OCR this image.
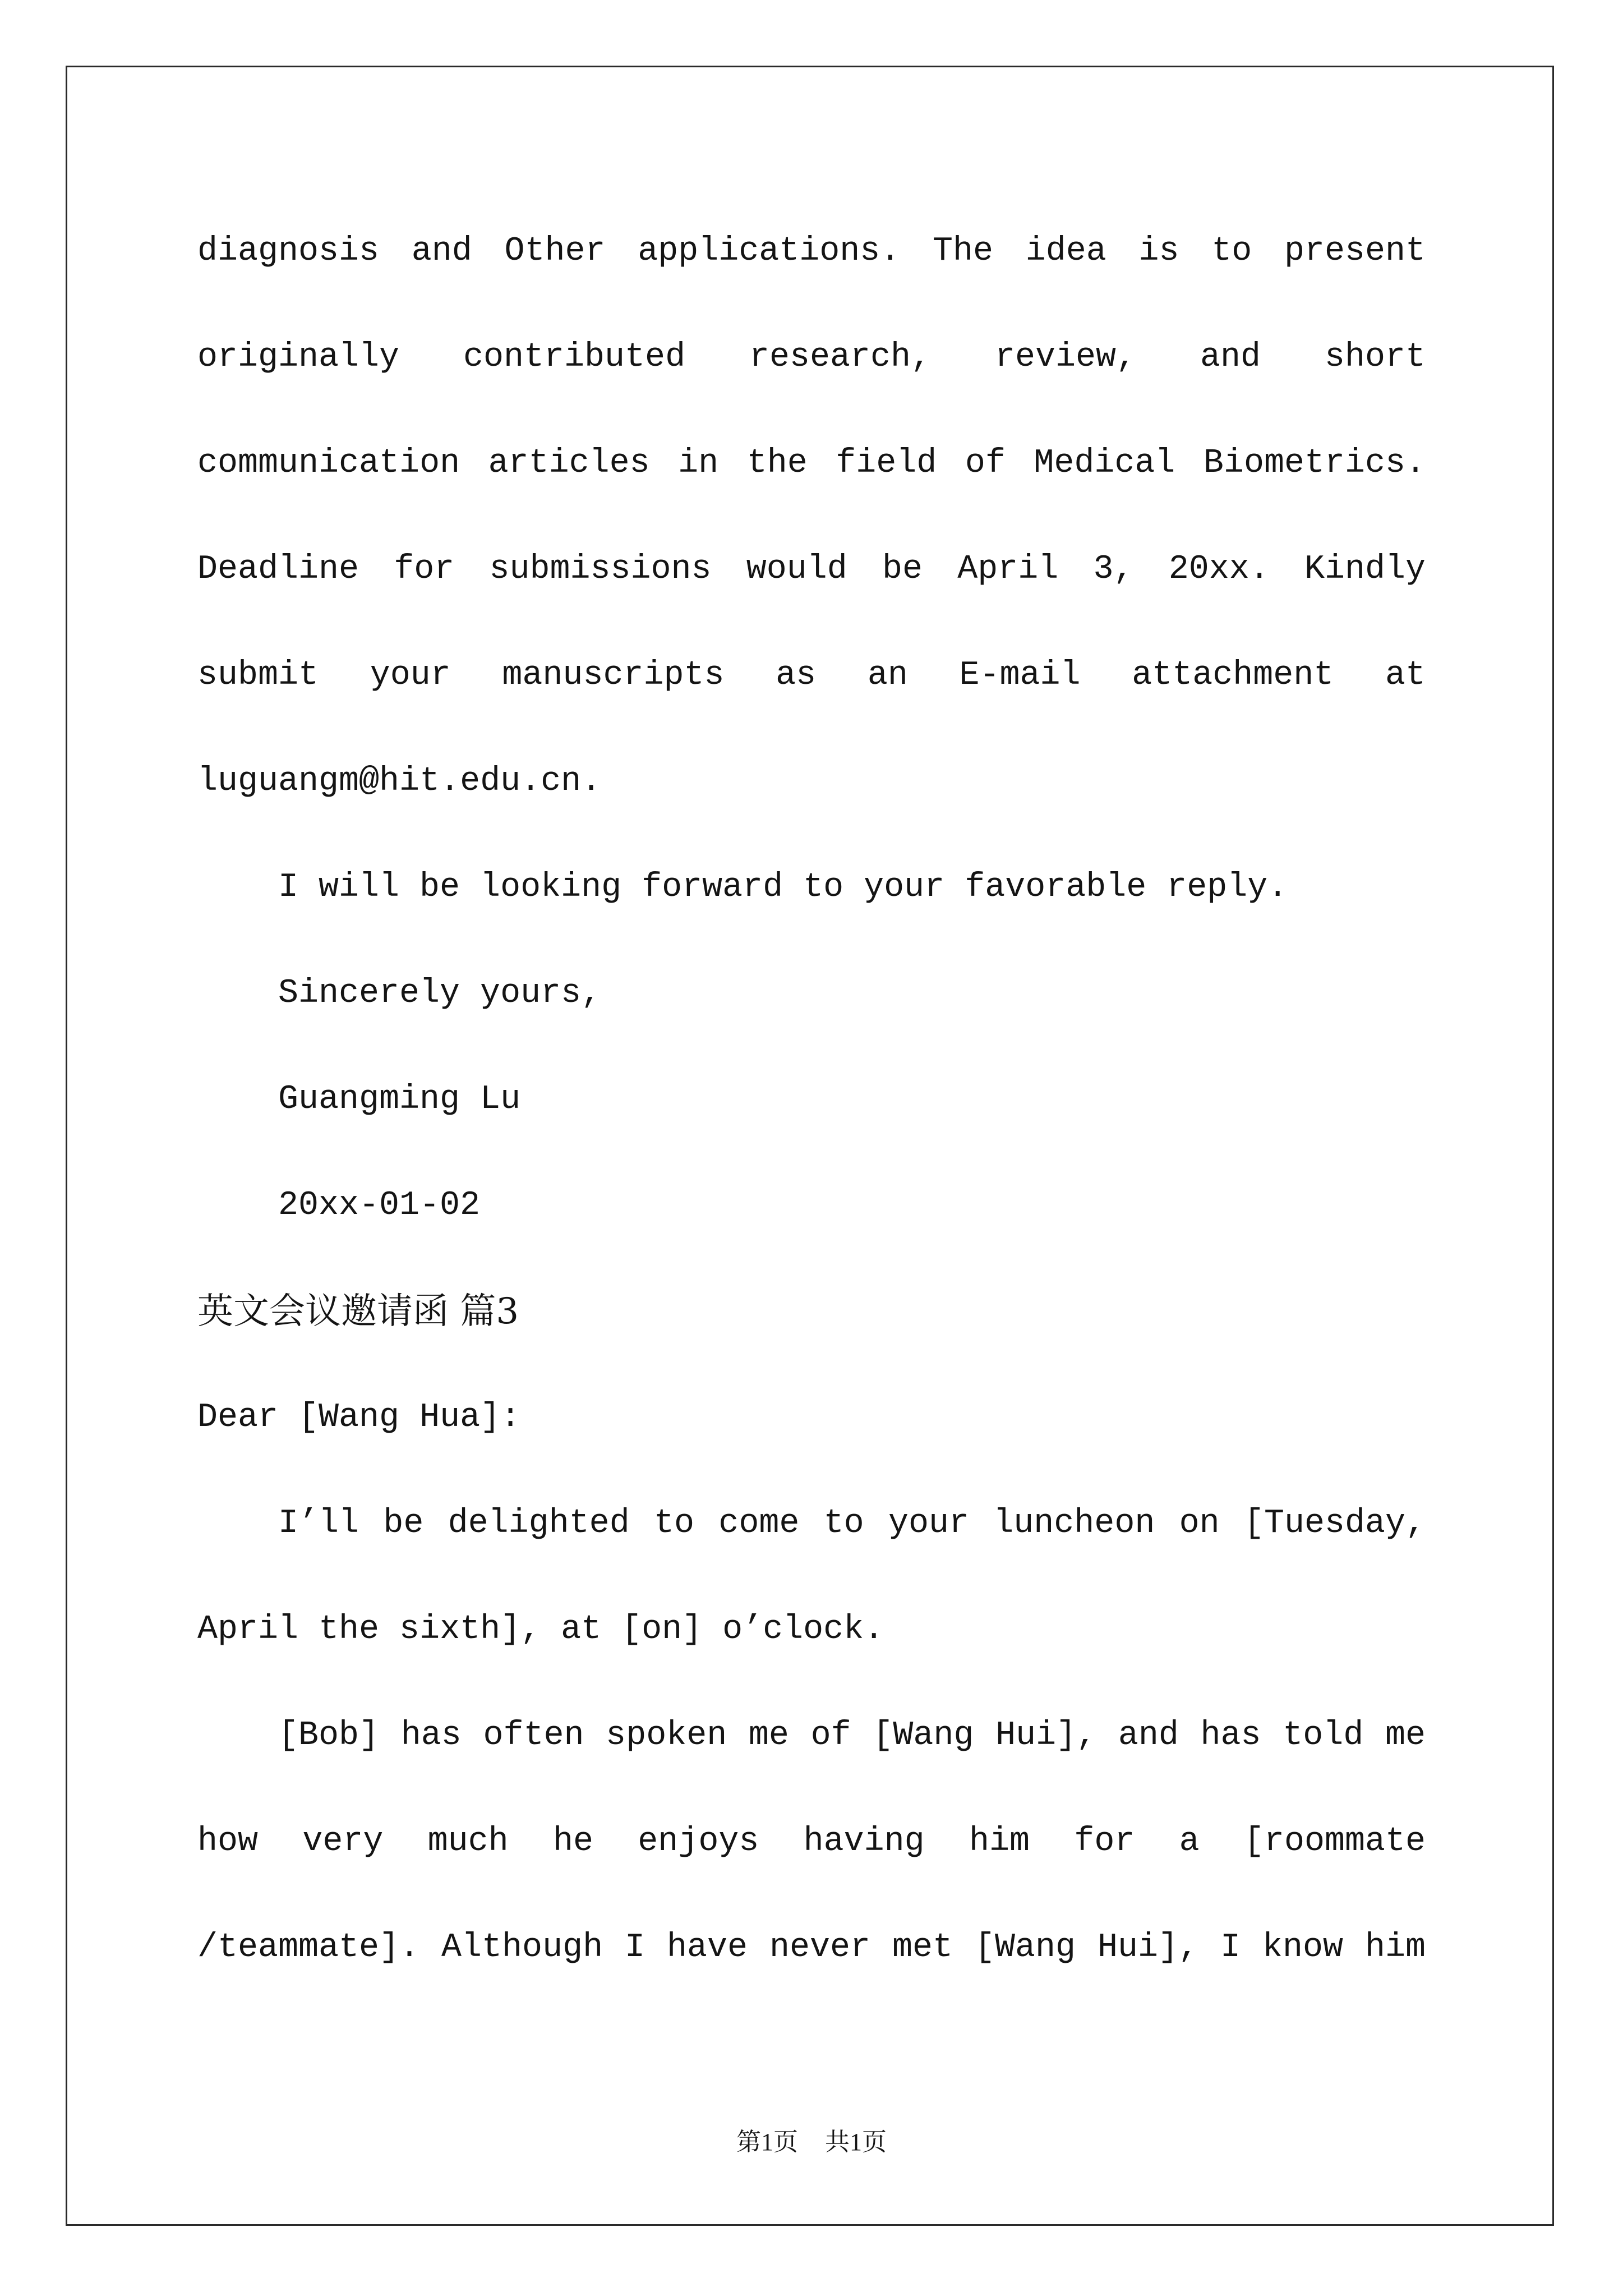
diagnosis and Other applications. The idea is to present
originally contributed research, review, and short
communication articles in the field of Medical Biometrics.
Deadline for submissions would be April 3, 20xx. Kindly
submit your manuscripts as an E-mail attachment at
luguangm@hit.edu.cn.
I will be looking forward to your favorable reply.
Sincerely yours,
Guangming Lu
20xx-01-02
英文会议邀请函 篇3
Dear [Wang Hua]:
I’ll be delighted to come to your luncheon on [Tuesday,
April the sixth], at [on] o’clock.
[Bob] has often spoken me of [Wang Hui], and has told me
how very much he enjoys having him for a [roommate
/teammate]. Although I have never met [Wang Hui], I know him
第1页 共1页
